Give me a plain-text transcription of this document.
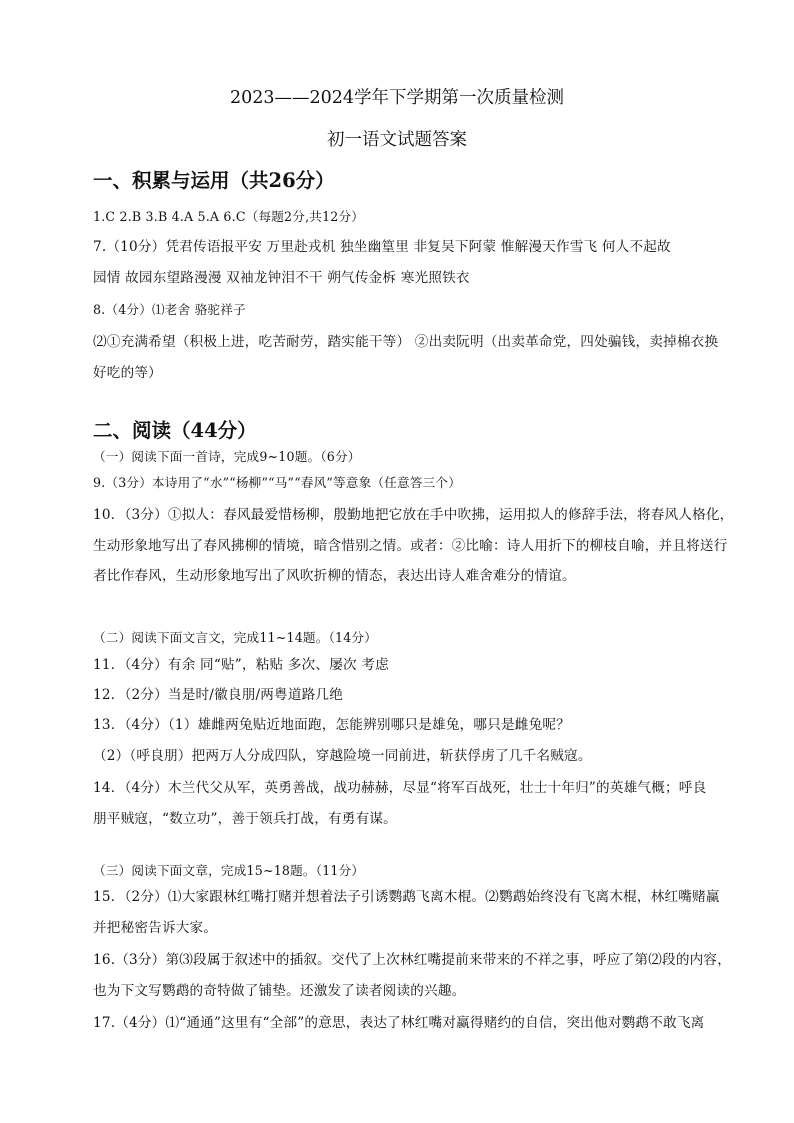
2023——2024学年下学期第一次质量检测
初一语文试题答案
一、积累与运用（共26分）
1.C 2.B 3.B 4.A 5.A 6.C（每题2分,共12分）
7.（10分）凭君传语报平安 万里赴戎机 独坐幽篁里 非复吴下阿蒙 惟解漫天作雪飞 何人不起故
园情 故园东望路漫漫 双袖龙钟泪不干 朔气传金柝 寒光照铁衣
8.（4分）⑴老舍 骆驼祥子
⑵①充满希望（积极上进，吃苦耐劳，踏实能干等） ②出卖阮明（出卖革命党，四处骗钱，卖掉棉衣换
好吃的等）
二、阅读（44分）
（一）阅读下面一首诗，完成9~10题。（6分）
9.（3分）本诗用了“水”“杨柳”“马”“春风”等意象（任意答三个）
10．（3分）①拟人：春风最爱惜杨柳，殷勤地把它放在手中吹拂，运用拟人的修辞手法，将春风人格化，
生动形象地写出了春风拂柳的情境，暗含惜别之情。或者：②比喻：诗人用折下的柳枝自喻，并且将送行
者比作春风，生动形象地写出了风吹折柳的情态，表达出诗人难舍难分的情谊。
（二）阅读下面文言文，完成11~14题。（14分）
11．（4分）有余 同“贴”，粘贴 多次、屡次 考虑
12．（2分）当是时/徽良朋/两粤道路几绝
13．（4分）（1）雄雌两兔贴近地面跑，怎能辨别哪只是雄兔，哪只是雌兔呢？
（2）（呼良朋）把两万人分成四队，穿越险境一同前进，斩获俘虏了几千名贼寇。
14．（4分）木兰代父从军，英勇善战，战功赫赫，尽显“将军百战死，壮士十年归”的英雄气概；呼良
朋平贼寇，“数立功”，善于领兵打战，有勇有谋。
（三）阅读下面文章，完成15~18题。（11分）
15．（2分）⑴大家跟林红嘴打赌并想着法子引诱鹦鹉飞离木棍。⑵鹦鹉始终没有飞离木棍，林红嘴赌赢
并把秘密告诉大家。
16.（3分）第⑶段属于叙述中的插叙。交代了上次林红嘴提前来带来的不祥之事，呼应了第⑵段的内容，
也为下文写鹦鹉的奇特做了铺垫。还激发了读者阅读的兴趣。
17.（4分）⑴“通通”这里有“全部”的意思，表达了林红嘴对赢得赌约的自信，突出他对鹦鹉不敢飞离
